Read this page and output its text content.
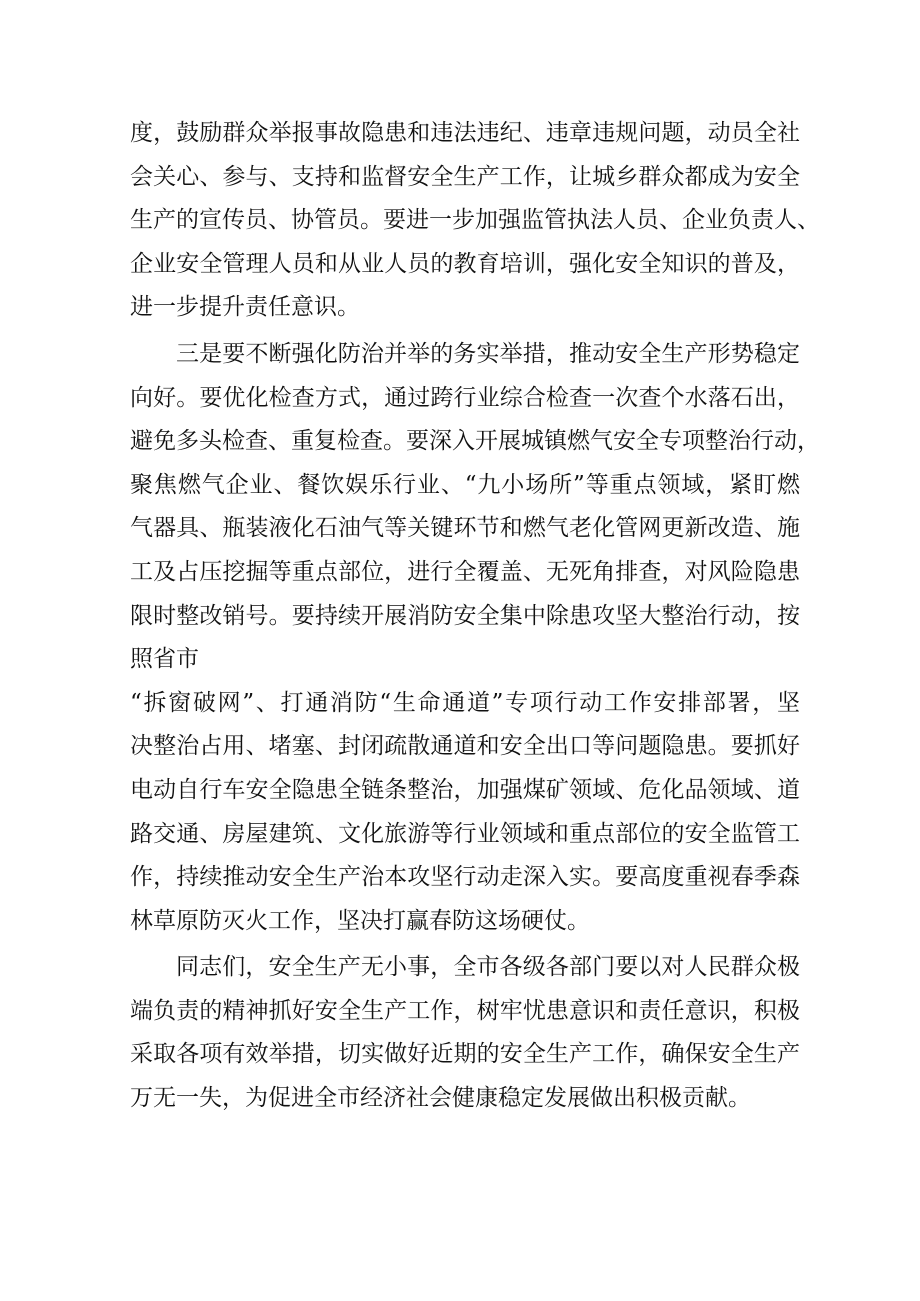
度，鼓励群众举报事故隐患和违法违纪、违章违规问题，动员全社
会关心、参与、支持和监督安全生产工作，让城乡群众都成为安全
生产的宣传员、协管员。要进一步加强监管执法人员、企业负责人、
企业安全管理人员和从业人员的教育培训，强化安全知识的普及，
进一步提升责任意识。
三是要不断强化防治并举的务实举措，推动安全生产形势稳定
向好。要优化检查方式，通过跨行业综合检查一次查个水落石出，
避免多头检查、重复检查。要深入开展城镇燃气安全专项整治行动，
聚焦燃气企业、餐饮娱乐行业、“九小场所”等重点领域，紧盯燃
气器具、瓶装液化石油气等关键环节和燃气老化管网更新改造、施
工及占压挖掘等重点部位，进行全覆盖、无死角排查，对风险隐患
限时整改销号。要持续开展消防安全集中除患攻坚大整治行动，按
照省市
“拆窗破网”、打通消防“生命通道”专项行动工作安排部署，坚
决整治占用、堵塞、封闭疏散通道和安全出口等问题隐患。要抓好
电动自行车安全隐患全链条整治，加强煤矿领域、危化品领域、道
路交通、房屋建筑、文化旅游等行业领域和重点部位的安全监管工
作，持续推动安全生产治本攻坚行动走深入实。要高度重视春季森
林草原防灭火工作，坚决打赢春防这场硬仗。
同志们，安全生产无小事，全市各级各部门要以对人民群众极
端负责的精神抓好安全生产工作，树牢忧患意识和责任意识，积极
采取各项有效举措，切实做好近期的安全生产工作，确保安全生产
万无一失，为促进全市经济社会健康稳定发展做出积极贡献。
